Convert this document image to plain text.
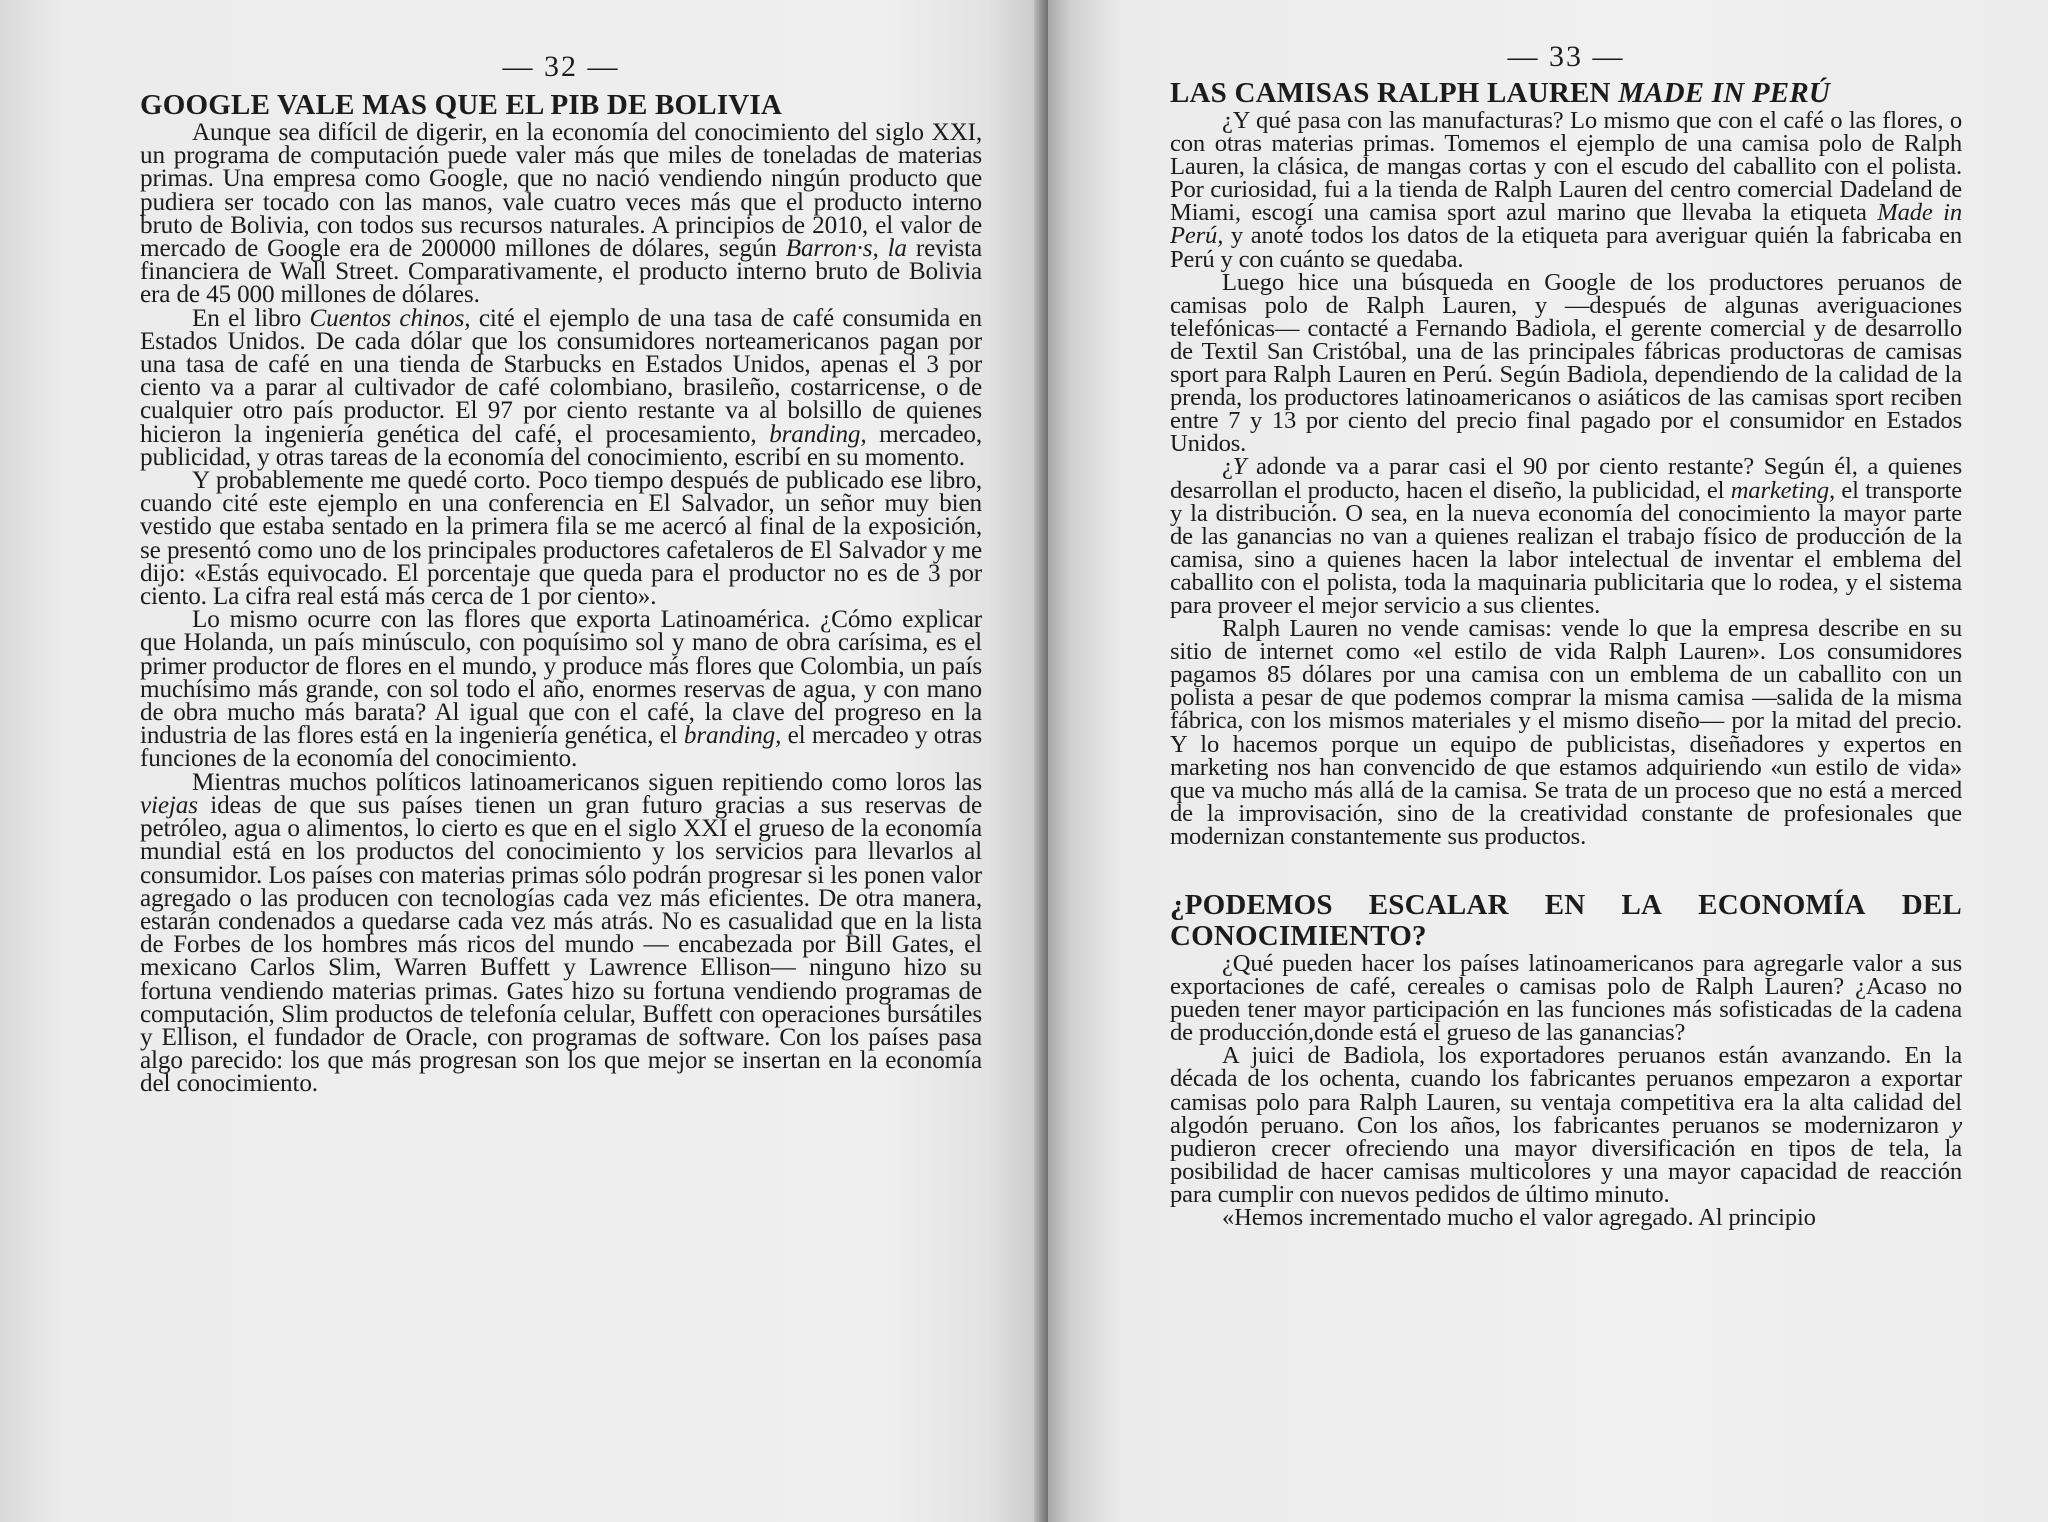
— 32 —
GOOGLE VALE MAS QUE EL PIB DE BOLIVIA

Aunque sea difícil de digerir, en la economía del conocimiento del siglo XXI, un programa de computación puede valer más que miles de toneladas de materias primas. Una empresa como Google, que no nació vendiendo ningún producto que pudiera ser tocado con las manos, vale cuatro veces más que el producto interno bruto de Bolivia, con todos sus recursos naturales. A principios de 2010, el valor de mercado de Google era de 200000 millones de dólares, según Barron·s, la revista financiera de Wall Street. Comparativamente, el producto interno bruto de Bolivia era de 45 000 millones de dólares.

En el libro Cuentos chinos, cité el ejemplo de una tasa de café consumida en Estados Unidos. De cada dólar que los consumidores norteamericanos pagan por una tasa de café en una tienda de Starbucks en Estados Unidos, apenas el 3 por ciento va a parar al cultivador de café colombiano, brasileño, costarricense, o de cualquier otro país productor. El 97 por ciento restante va al bolsillo de quienes hicieron la ingeniería genética del café, el procesamiento, branding, mercadeo, publicidad, y otras tareas de la economía del conocimiento, escribí en su momento.

Y probablemente me quedé corto. Poco tiempo después de publicado ese libro, cuando cité este ejemplo en una conferencia en El Salvador, un señor muy bien vestido que estaba sentado en la primera fila se me acercó al final de la exposición, se presentó como uno de los principales productores cafetaleros de El Salvador y me dijo: «Estás equivocado. El porcentaje que queda para el productor no es de 3 por ciento. La cifra real está más cerca de 1 por ciento».

Lo mismo ocurre con las flores que exporta Latinoamérica. ¿Cómo explicar que Holanda, un país minúsculo, con poquísimo sol y mano de obra carísima, es el primer productor de flores en el mundo, y produce más flores que Colombia, un país muchísimo más grande, con sol todo el año, enormes reservas de agua, y con mano de obra mucho más barata? Al igual que con el café, la clave del progreso en la industria de las flores está en la ingeniería genética, el branding, el mercadeo y otras funciones de la economía del conocimiento.

Mientras muchos políticos latinoamericanos siguen repitiendo como loros las viejas ideas de que sus países tienen un gran futuro gracias a sus reservas de petróleo, agua o alimentos, lo cierto es que en el siglo XXI el grueso de la economía mundial está en los productos del conocimiento y los servicios para llevarlos al consumidor. Los países con materias primas sólo podrán progresar si les ponen valor agregado o las producen con tecnologías cada vez más eficientes. De otra manera, estarán condenados a quedarse cada vez más atrás. No es casualidad que en la lista de Forbes de los hombres más ricos del mundo — encabezada por Bill Gates, el mexicano Carlos Slim, Warren Buffett y Lawrence Ellison— ninguno hizo su fortuna vendiendo materias primas. Gates hizo su fortuna vendiendo programas de computación, Slim productos de telefonía celular, Buffett con operaciones bursátiles y Ellison, el fundador de Oracle, con programas de software. Con los países pasa algo parecido: los que más progresan son los que mejor se insertan en la economía del conocimiento.

— 33 —
LAS CAMISAS RALPH LAUREN MADE IN PERÚ

¿Y qué pasa con las manufacturas? Lo mismo que con el café o las flores, o con otras materias primas. Tomemos el ejemplo de una camisa polo de Ralph Lauren, la clásica, de mangas cortas y con el escudo del caballito con el polista. Por curiosidad, fui a la tienda de Ralph Lauren del centro comercial Dadeland de Miami, escogí una camisa sport azul marino que llevaba la etiqueta Made in Perú, y anoté todos los datos de la etiqueta para averiguar quién la fabricaba en Perú y con cuánto se quedaba.

Luego hice una búsqueda en Google de los productores peruanos de camisas polo de Ralph Lauren, y —después de algunas averiguaciones telefónicas— contacté a Fernando Badiola, el gerente comercial y de desarrollo de Textil San Cristóbal, una de las principales fábricas productoras de camisas sport para Ralph Lauren en Perú. Según Badiola, dependiendo de la calidad de la prenda, los productores latinoamericanos o asiáticos de las camisas sport reciben entre 7 y 13 por ciento del precio final pagado por el consumidor en Estados Unidos.

¿Y adonde va a parar casi el 90 por ciento restante? Según él, a quienes desarrollan el producto, hacen el diseño, la publicidad, el marketing, el transporte y la distribución. O sea, en la nueva economía del conocimiento la mayor parte de las ganancias no van a quienes realizan el trabajo físico de producción de la camisa, sino a quienes hacen la labor intelectual de inventar el emblema del caballito con el polista, toda la maquinaria publicitaria que lo rodea, y el sistema para proveer el mejor servicio a sus clientes.

Ralph Lauren no vende camisas: vende lo que la empresa describe en su sitio de internet como «el estilo de vida Ralph Lauren». Los consumidores pagamos 85 dólares por una camisa con un emblema de un caballito con un polista a pesar de que podemos comprar la misma camisa —salida de la misma fábrica, con los mismos materiales y el mismo diseño— por la mitad del precio. Y lo hacemos porque un equipo de publicistas, diseñadores y expertos en marketing nos han convencido de que estamos adquiriendo «un estilo de vida» que va mucho más allá de la camisa. Se trata de un proceso que no está a merced de la improvisación, sino de la creatividad constante de profesionales que modernizan constantemente sus productos.

¿PODEMOS ESCALAR EN LA ECONOMÍA DEL
CONOCIMIENTO?

¿Qué pueden hacer los países latinoamericanos para agregarle valor a sus exportaciones de café, cereales o camisas polo de Ralph Lauren? ¿Acaso no pueden tener mayor participación en las funciones más sofisticadas de la cadena de producción,donde está el grueso de las ganancias?

A juici de Badiola, los exportadores peruanos están avanzando. En la década de los ochenta, cuando los fabricantes peruanos empezaron a exportar camisas polo para Ralph Lauren, su ventaja competitiva era la alta calidad del algodón peruano. Con los años, los fabricantes peruanos se modernizaron y pudieron crecer ofreciendo una mayor diversificación en tipos de tela, la posibilidad de hacer camisas multicolores y una mayor capacidad de reacción para cumplir con nuevos pedidos de último minuto.

«Hemos incrementado mucho el valor agregado. Al principio
